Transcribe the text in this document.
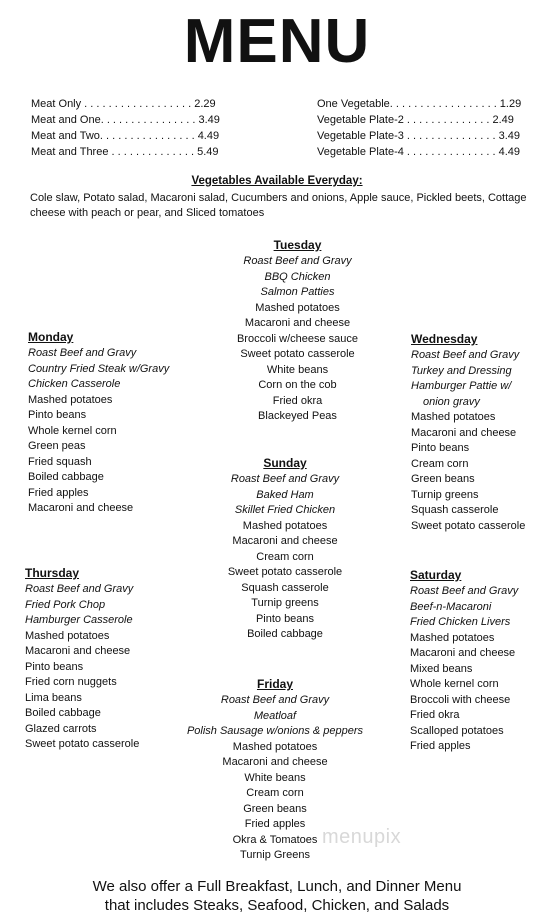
MENU
Meat Only . . . . . . . . . . . . . . . . . . 2.29
Meat and One. . . . . . . . . . . . . . . . 3.49
Meat and Two. . . . . . . . . . . . . . . . 4.49
Meat and Three . . . . . . . . . . . . . . 5.49
One Vegetable. . . . . . . . . . . . . . . . . . 1.29
Vegetable Plate-2 . . . . . . . . . . . . . . 2.49
Vegetable Plate-3 . . . . . . . . . . . . . . . 3.49
Vegetable Plate-4 . . . . . . . . . . . . . . . 4.49
Vegetables Available Everyday:
Cole slaw, Potato salad, Macaroni salad, Cucumbers and onions, Apple sauce, Pickled beets, Cottage cheese with peach or pear, and Sliced tomatoes
Tuesday
Roast Beef and Gravy
BBQ Chicken
Salmon Patties
Mashed potatoes
Macaroni and cheese
Broccoli w/cheese sauce
Sweet potato casserole
White beans
Corn on the cob
Fried okra
Blackeyed Peas
Monday
Roast Beef and Gravy
Country Fried Steak w/Gravy
Chicken Casserole
Mashed potatoes
Pinto beans
Whole kernel corn
Green peas
Fried squash
Boiled cabbage
Fried apples
Macaroni and cheese
Wednesday
Roast Beef and Gravy
Turkey and Dressing
Hamburger Pattie w/
onion gravy
Mashed potatoes
Macaroni and cheese
Pinto beans
Cream corn
Green beans
Turnip greens
Squash casserole
Sweet potato casserole
Sunday
Roast Beef and Gravy
Baked Ham
Skillet Fried Chicken
Mashed potatoes
Macaroni and cheese
Cream corn
Sweet potato casserole
Squash casserole
Turnip greens
Pinto beans
Boiled cabbage
Thursday
Roast Beef and Gravy
Fried Pork Chop
Hamburger Casserole
Mashed potatoes
Macaroni and cheese
Pinto beans
Fried corn nuggets
Lima beans
Boiled cabbage
Glazed carrots
Sweet potato casserole
Saturday
Roast Beef and Gravy
Beef-n-Macaroni
Fried Chicken Livers
Mashed potatoes
Macaroni and cheese
Mixed beans
Whole kernel corn
Broccoli with cheese
Fried okra
Scalloped potatoes
Fried apples
Friday
Roast Beef and Gravy
Meatloaf
Polish Sausage w/onions & peppers
Mashed potatoes
Macaroni and cheese
White beans
Cream corn
Green beans
Fried apples
Okra & Tomatoes
Turnip Greens
menupix
We also offer a Full Breakfast, Lunch, and Dinner Menu
that includes Steaks, Seafood, Chicken, and Salads
